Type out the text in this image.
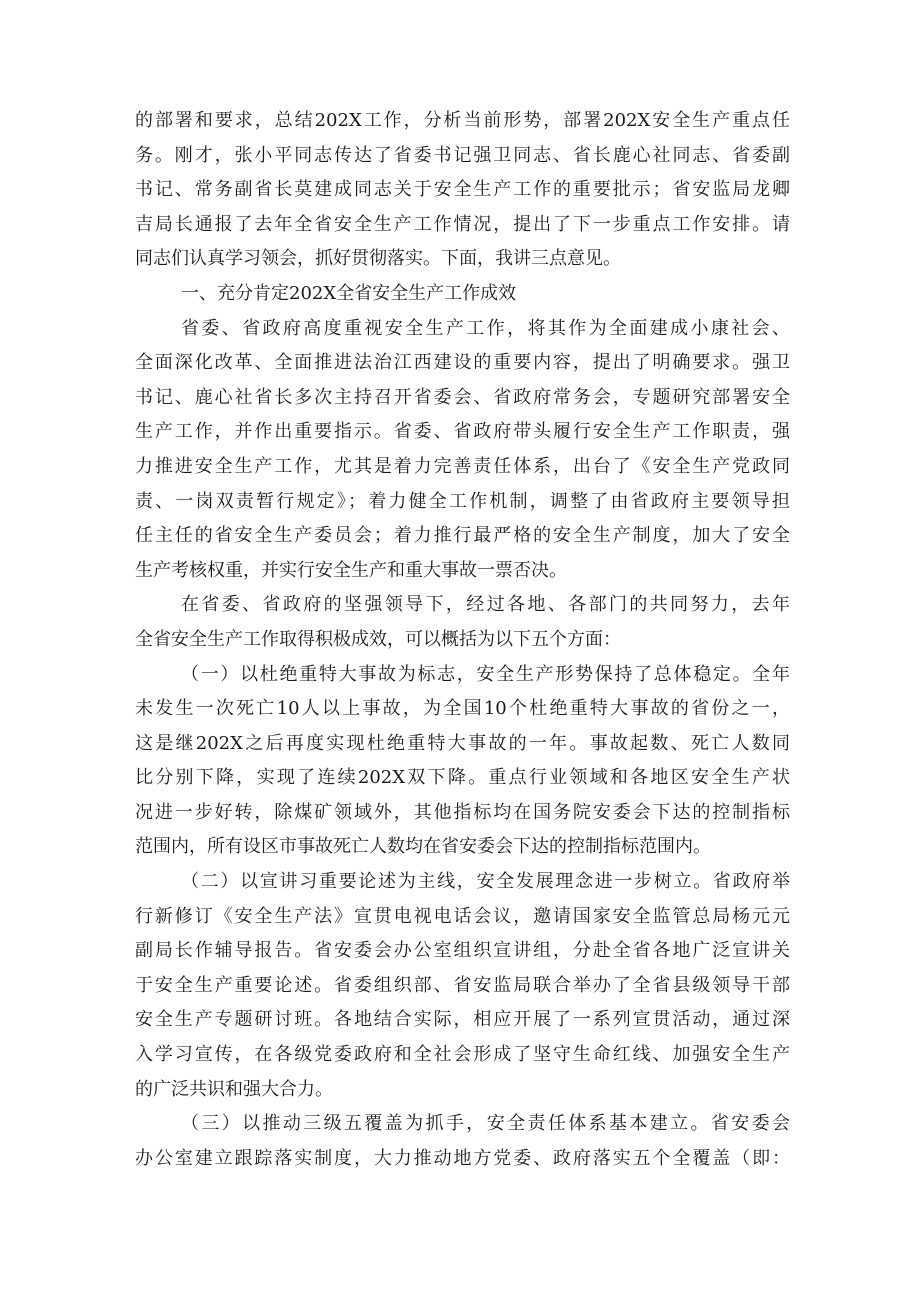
的部署和要求，总结202X工作，分析当前形势，部署202X安全生产重点任
务。刚才，张小平同志传达了省委书记强卫同志、省长鹿心社同志、省委副
书记、常务副省长莫建成同志关于安全生产工作的重要批示；省安监局龙卿
吉局长通报了去年全省安全生产工作情况，提出了下一步重点工作安排。请
同志们认真学习领会，抓好贯彻落实。下面，我讲三点意见。
一、充分肯定202X全省安全生产工作成效
省委、省政府高度重视安全生产工作，将其作为全面建成小康社会、
全面深化改革、全面推进法治江西建设的重要内容，提出了明确要求。强卫
书记、鹿心社省长多次主持召开省委会、省政府常务会，专题研究部署安全
生产工作，并作出重要指示。省委、省政府带头履行安全生产工作职责，强
力推进安全生产工作，尤其是着力完善责任体系，出台了《安全生产党政同
责、一岗双责暂行规定》；着力健全工作机制，调整了由省政府主要领导担
任主任的省安全生产委员会；着力推行最严格的安全生产制度，加大了安全
生产考核权重，并实行安全生产和重大事故一票否决。
在省委、省政府的坚强领导下，经过各地、各部门的共同努力，去年
全省安全生产工作取得积极成效，可以概括为以下五个方面：
（一）以杜绝重特大事故为标志，安全生产形势保持了总体稳定。全年
未发生一次死亡10人以上事故，为全国10个杜绝重特大事故的省份之一，
这是继202X之后再度实现杜绝重特大事故的一年。事故起数、死亡人数同
比分别下降，实现了连续202X双下降。重点行业领域和各地区安全生产状
况进一步好转，除煤矿领域外，其他指标均在国务院安委会下达的控制指标
范围内，所有设区市事故死亡人数均在省安委会下达的控制指标范围内。
（二）以宣讲习重要论述为主线，安全发展理念进一步树立。省政府举
行新修订《安全生产法》宣贯电视电话会议，邀请国家安全监管总局杨元元
副局长作辅导报告。省安委会办公室组织宣讲组，分赴全省各地广泛宣讲关
于安全生产重要论述。省委组织部、省安监局联合举办了全省县级领导干部
安全生产专题研讨班。各地结合实际，相应开展了一系列宣贯活动，通过深
入学习宣传，在各级党委政府和全社会形成了坚守生命红线、加强安全生产
的广泛共识和强大合力。
（三）以推动三级五覆盖为抓手，安全责任体系基本建立。省安委会
办公室建立跟踪落实制度，大力推动地方党委、政府落实五个全覆盖（即：
